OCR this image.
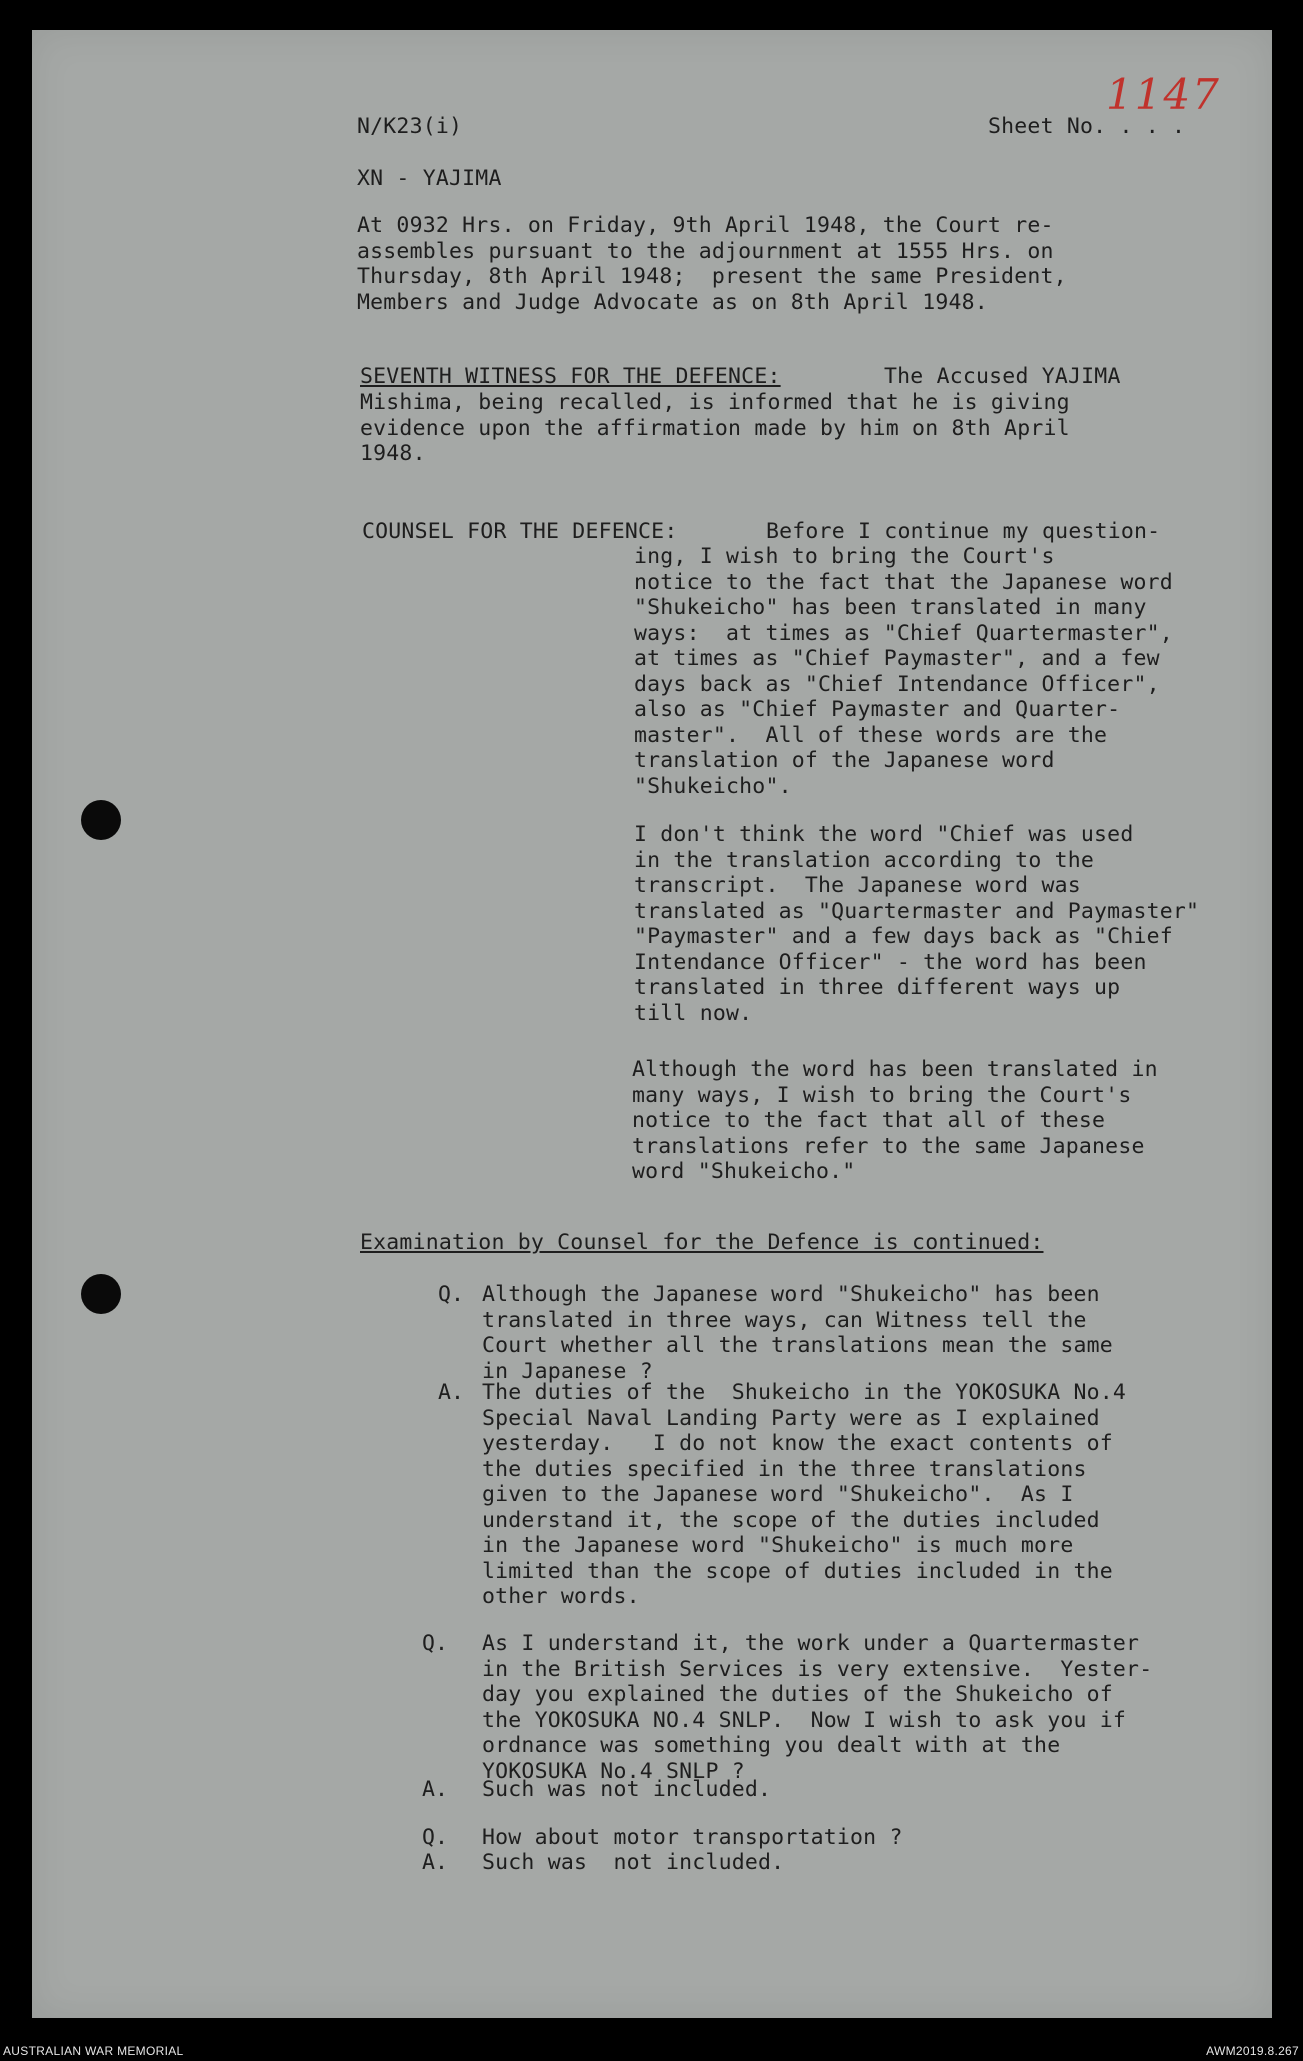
N/K23(i)	Sheet No. . . .

1147

XN - YAJIMA

At 0932 Hrs. on Friday, 9th April 1948, the Court re-
assembles pursuant to the adjournment at 1555 Hrs. on
Thursday, 8th April 1948;  present the same President,
Members and Judge Advocate as on 8th April 1948.

SEVENTH WITNESS FOR THE DEFENCE:	The Accused YAJIMA

Mishima, being recalled, is informed that he is giving
evidence upon the affirmation made by him on 8th April
1948.

COUNSEL FOR THE DEFENCE:	Before I continue my question-

ing, I wish to bring the Court's
notice to the fact that the Japanese word
"Shukeicho" has been translated in many
ways:  at times as "Chief Quartermaster",
at times as "Chief Paymaster", and a few
days back as "Chief Intendance Officer",
also as "Chief Paymaster and Quarter-
master".  All of these words are the
translation of the Japanese word
"Shukeicho".

I don't think the word "Chief was used
in the translation according to the
transcript.  The Japanese word was
translated as "Quartermaster and Paymaster"
"Paymaster" and a few days back as "Chief
Intendance Officer" - the word has been
translated in three different ways up
till now.

Although the word has been translated in
many ways, I wish to bring the Court's
notice to the fact that all of these
translations refer to the same Japanese
word "Shukeicho."

Examination by Counsel for the Defence is continued:

Q. Although the Japanese word "Shukeicho" has been
translated in three ways, can Witness tell the
Court whether all the translations mean the same
in Japanese ?

A. The duties of the  Shukeicho in the YOKOSUKA No.4
Special Naval Landing Party were as I explained
yesterday.   I do not know the exact contents of
the duties specified in the three translations
given to the Japanese word "Shukeicho".  As I
understand it, the scope of the duties included
in the Japanese word "Shukeicho" is much more
limited than the scope of duties included in the
other words.

Q. As I understand it, the work under a Quartermaster
in the British Services is very extensive.  Yester-
day you explained the duties of the Shukeicho of
the YOKOSUKA NO.4 SNLP.  Now I wish to ask you if
ordnance was something you dealt with at the
YOKOSUKA No.4 SNLP ?

A. Such was not included.

Q. How about motor transportation ?

A. Such was  not included.

AUSTRALIAN WAR MEMORIAL	AWM2019.8.267
